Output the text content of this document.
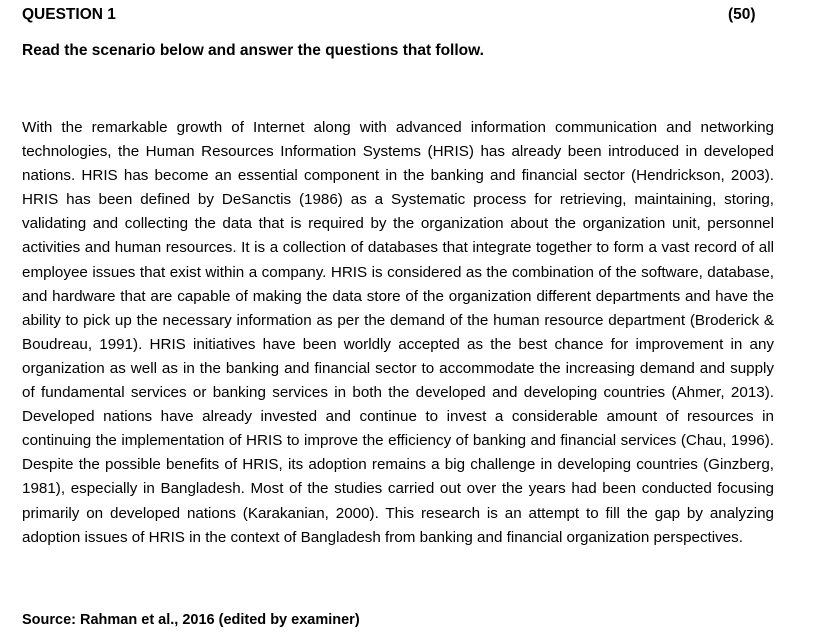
QUESTION 1	(50)
Read the scenario below and answer the questions that follow.
With the remarkable growth of Internet along with advanced information communication and networking technologies, the Human Resources Information Systems (HRIS) has already been introduced in developed nations. HRIS has become an essential component in the banking and financial sector (Hendrickson, 2003). HRIS has been defined by DeSanctis (1986) as a Systematic process for retrieving, maintaining, storing, validating and collecting the data that is required by the organization about the organization unit, personnel activities and human resources. It is a collection of databases that integrate together to form a vast record of all employee issues that exist within a company. HRIS is considered as the combination of the software, database, and hardware that are capable of making the data store of the organization different departments and have the ability to pick up the necessary information as per the demand of the human resource department (Broderick & Boudreau, 1991). HRIS initiatives have been worldly accepted as the best chance for improvement in any organization as well as in the banking and financial sector to accommodate the increasing demand and supply of fundamental services or banking services in both the developed and developing countries (Ahmer, 2013). Developed nations have already invested and continue to invest a considerable amount of resources in continuing the implementation of HRIS to improve the efficiency of banking and financial services (Chau, 1996). Despite the possible benefits of HRIS, its adoption remains a big challenge in developing countries (Ginzberg, 1981), especially in Bangladesh. Most of the studies carried out over the years had been conducted focusing primarily on developed nations (Karakanian, 2000). This research is an attempt to fill the gap by analyzing adoption issues of HRIS in the context of Bangladesh from banking and financial organization perspectives.
Source: Rahman et al., 2016 (edited by examiner)
